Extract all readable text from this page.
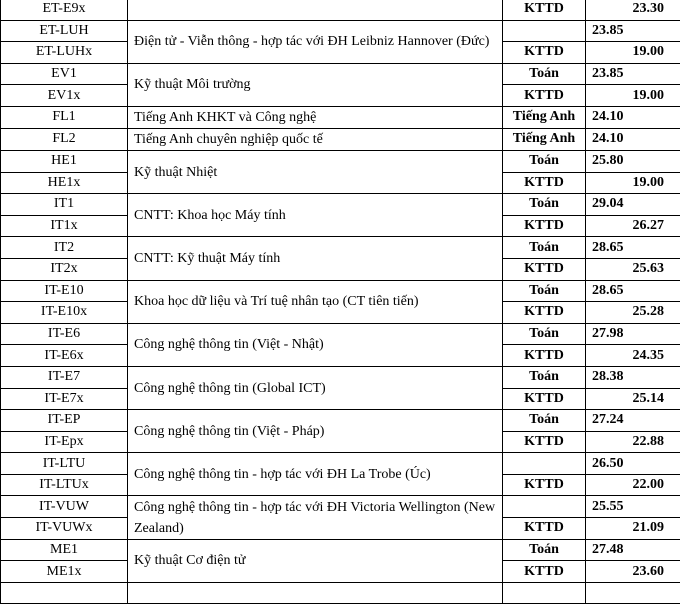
ET-E9x		KTTD	23.30
ET-LUH	Điện tử - Viễn thông - hợp tác với ĐH Leibniz Hannover (Đức)		23.85
ET-LUHx		KTTD	19.00
EV1	Kỹ thuật Môi trường	Toán	23.85
EV1x		KTTD	19.00
FL1	Tiếng Anh KHKT và Công nghệ	Tiếng Anh	24.10
FL2	Tiếng Anh chuyên nghiệp quốc tế	Tiếng Anh	24.10
HE1	Kỹ thuật Nhiệt	Toán	25.80
HE1x		KTTD	19.00
IT1	CNTT: Khoa học Máy tính	Toán	29.04
IT1x		KTTD	26.27
IT2	CNTT: Kỹ thuật Máy tính	Toán	28.65
IT2x		KTTD	25.63
IT-E10	Khoa học dữ liệu và Trí tuệ nhân tạo (CT tiên tiến)	Toán	28.65
IT-E10x		KTTD	25.28
IT-E6	Công nghệ thông tin (Việt - Nhật)	Toán	27.98
IT-E6x		KTTD	24.35
IT-E7	Công nghệ thông tin (Global ICT)	Toán	28.38
IT-E7x		KTTD	25.14
IT-EP	Công nghệ thông tin (Việt - Pháp)	Toán	27.24
IT-Epx		KTTD	22.88
IT-LTU	Công nghệ thông tin - hợp tác với ĐH La Trobe (Úc)		26.50
IT-LTUx		KTTD	22.00
IT-VUW	Công nghệ thông tin - hợp tác với ĐH Victoria Wellington (New Zealand)		25.55
IT-VUWx		KTTD	21.09
ME1	Kỹ thuật Cơ điện tử	Toán	27.48
ME1x		KTTD	23.60
